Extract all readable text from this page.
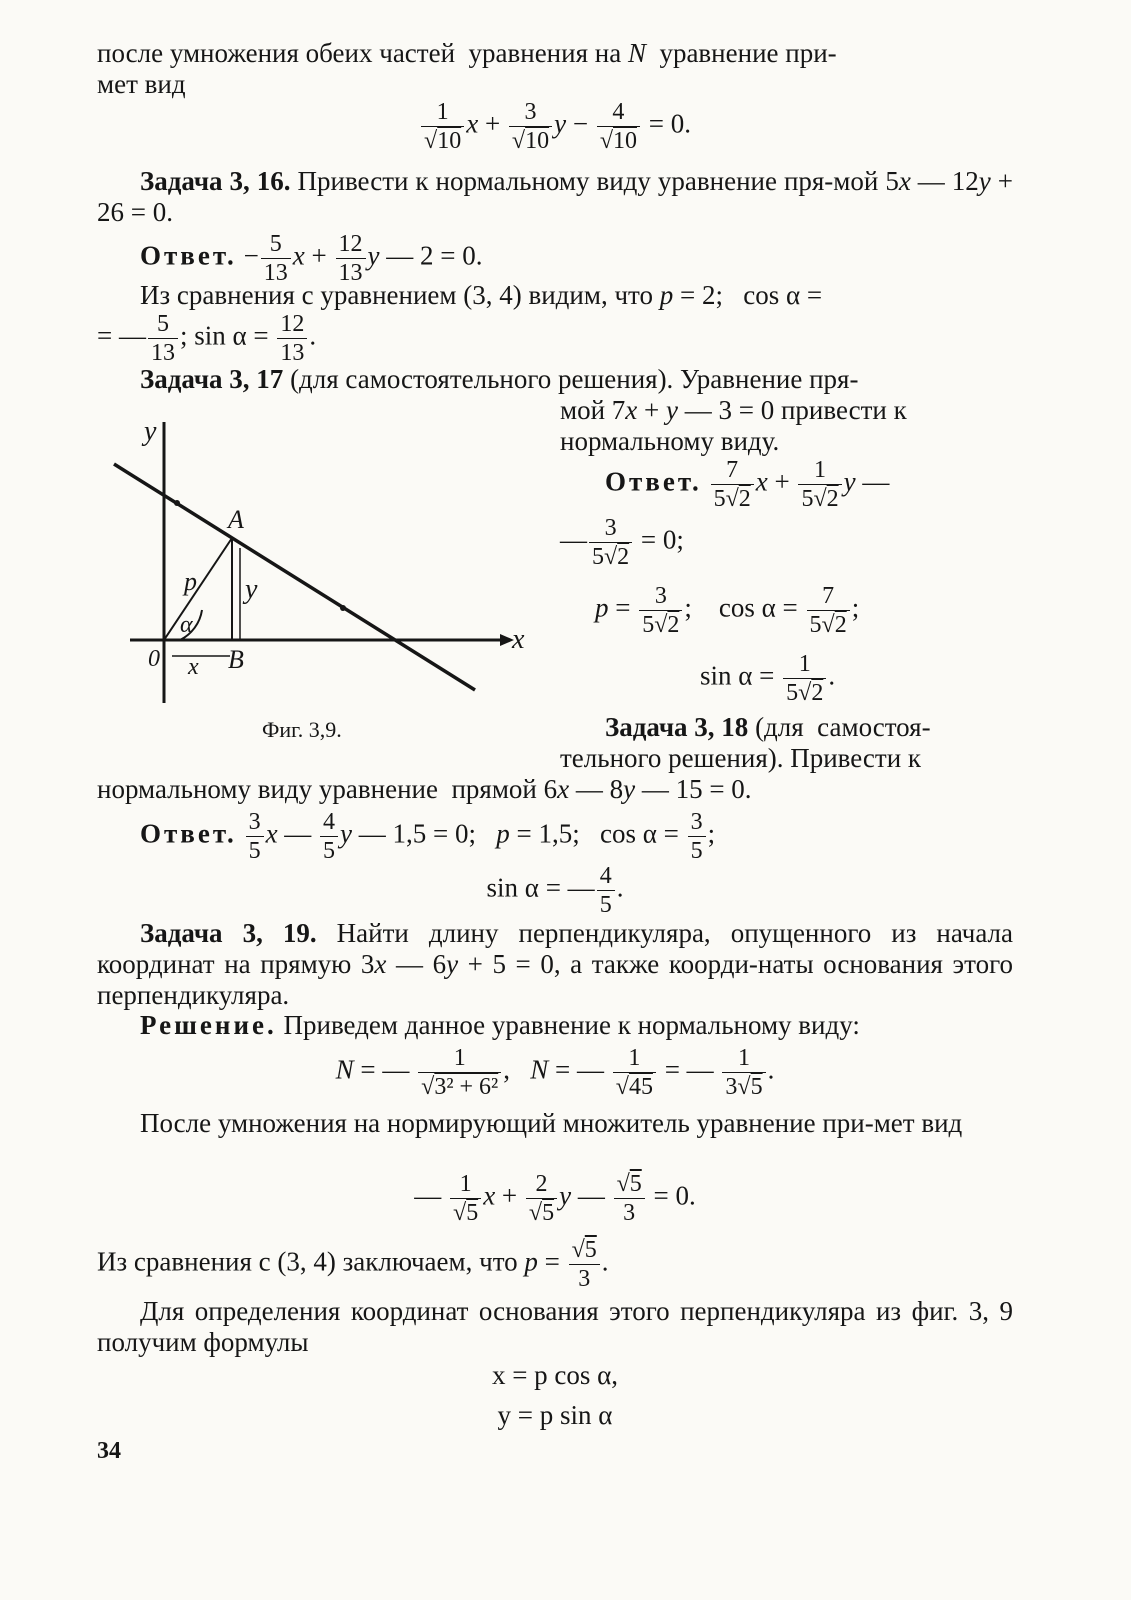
после умножения обеих частей  уравнения на N  уравнение при-
мет вид
$\frac{1}{√10}$ $x + \frac{3}{√10}$ $y - \frac{4}{√10} = 0$.
Задача 3, 16. Привести к нормальному виду уравнение пря-мой 5x — 12y + 26 = 0.
Ответ. − $\frac{5}{13}$ $x + \frac{12}{13}$ y — 2 = 0.
Из сравнения с уравнением (3, 4) видим, что p = 2;   cos α =
= — $\frac{5}{13}$ ; $\sin \alpha = \frac{12}{13}$ .
Задача 3, 17 (для самостоятельного решения). Уравнение пря-
мой 7x + y — 3 = 0 привести к
нормальному виду.
Ответ. $\frac{7}{5√2}$ $x + \frac{1}{5√2}$ y —
— $\frac{3}{5√2} = 0$;
$p = \frac{3}{5√2}$ ;    $\cos \alpha = \frac{7}{5√2}$ ;
$\sin \alpha = \frac{1}{5√2}$ .
y
x
0
A
B
p y
x
α
Фиг. 3,9.	Задача 3, 18 (для  самостоя-
тельного решения). Привести к
нормальному виду уравнение  прямой 6x — 8y — 15 = 0.
Ответ. $\frac{3}{5}$ x — $\frac{4}{5}$ y — 1,5 = 0;   p = 1,5;   $\cos \alpha = \frac{3}{5}$ ;
sin α = — $\frac{4}{5}$ .
Задача 3, 19. Найти длину перпендикуляра, опущенного из начала координат на прямую 3x — 6y + 5 = 0, а также коорди-наты основания этого перпендикуляра.
Решение. Приведем данное уравнение к нормальному виду:
N = — $\frac{1}{\text{√3² + 6²}}$ ,   N = — $\frac{1}{√45}$ = — $\frac{1}{3√5}$ .
После умножения на нормирующий множитель уравнение при-мет вид
— $\frac{1}{√5}$ $x + \frac{2}{√5}$ y — $\frac{√5}{3} = 0$.
Из сравнения с (3, 4) заключаем, что $p = \frac{√5}{3}$ .
Для определения координат основания этого перпендикуляра из фиг. 3, 9 получим формулы
x = p cos α,
y = p sin α
34
